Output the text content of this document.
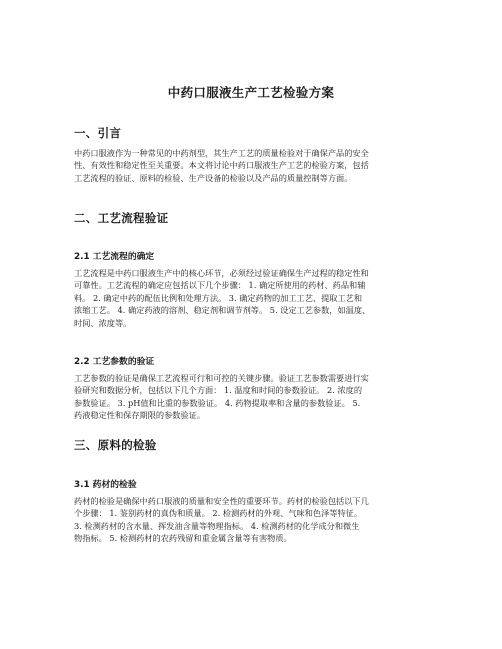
中药口服液生产工艺检验方案
一、引言
中药口服液作为一种常见的中药剂型，其生产工艺的质量检验对于确保产品的安全
性、有效性和稳定性至关重要。本文将讨论中药口服液生产工艺的检验方案，包括
工艺流程的验证、原料的检验、生产设备的检验以及产品的质量控制等方面。
二、工艺流程验证
2.1 工艺流程的确定
工艺流程是中药口服液生产中的核心环节，必须经过验证确保生产过程的稳定性和
可靠性。工艺流程的确定应包括以下几个步骤： 1. 确定所使用的药材、药品和辅
料。 2. 确定中药的配伍比例和处理方法。 3. 确定药物的加工工艺、提取工艺和
浓缩工艺。 4. 确定药液的溶剂、稳定剂和调节剂等。 5. 设定工艺参数，如温度、
时间、浓度等。
2.2 工艺参数的验证
工艺参数的验证是确保工艺流程可行和可控的关键步骤。验证工艺参数需要进行实
验研究和数据分析，包括以下几个方面： 1. 温度和时间的参数验证。 2. 浓度的
参数验证。 3. pH值和比重的参数验证。 4. 药物提取率和含量的参数验证。 5.
药液稳定性和保存期限的参数验证。
三、原料的检验
3.1 药材的检验
药材的检验是确保中药口服液的质量和安全性的重要环节。药材的检验包括以下几
个步骤： 1. 鉴别药材的真伪和质量。 2. 检测药材的外观、气味和色泽等特征。
3. 检测药材的含水量、挥发油含量等物理指标。 4. 检测药材的化学成分和微生
物指标。 5. 检测药材的农药残留和重金属含量等有害物质。
